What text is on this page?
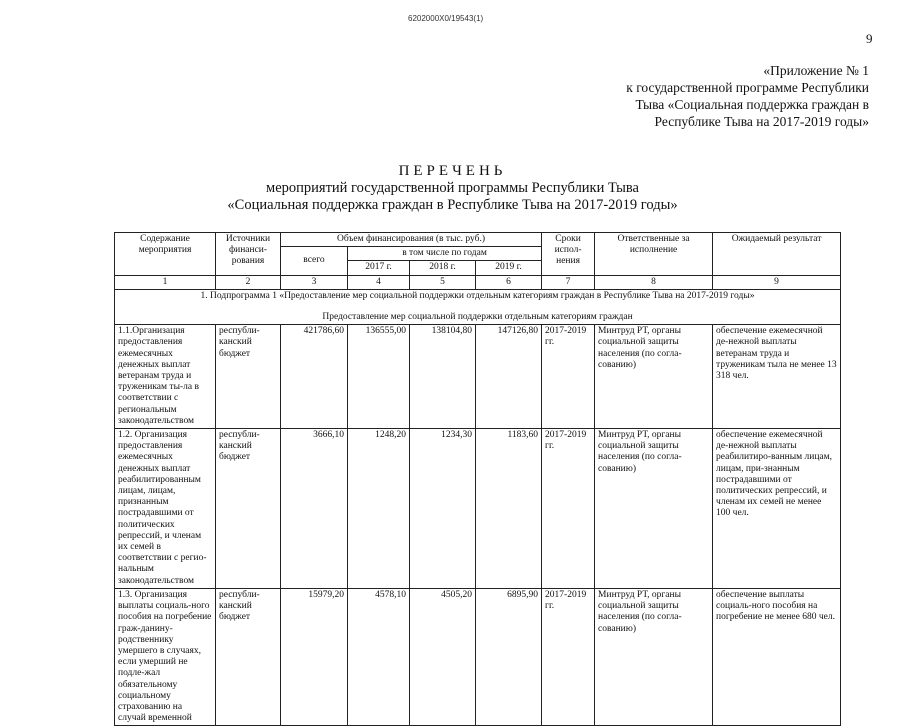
6202000Х0/19543(1)
9
«Приложение № 1
к государственной программе Республики
Тыва «Социальная поддержка граждан в
Республике Тыва на 2017-2019 годы»
ПЕРЕЧЕНЬ
мероприятий государственной программы Республики Тыва
«Социальная поддержка граждан в Республике Тыва на 2017-2019 годы»
Содержание мероприятия	Источники финанси-рования	Объем финансирования (в тыс. руб.)				Сроки испол-нения	Ответственные за исполнение	Ожидаемый результат
		всего	в том числе по годам					
			2017 г.	2018 г.	2019 г.			
1	2	3	4	5	6	7	8	9

1. Подпрограмма 1 «Предоставление мер социальной поддержки отдельным категориям граждан в Республике Тыва на 2017-2019 годы»
Предоставление мер социальной поддержки отдельным категориям граждан								

1.1.Организация предоставления ежемесячных денежных выплат ветеранам труда и труженикам ты-ла в соответствии с региональным законодательством	республи-канский бюджет	421786,60	136555,00	138104,80	147126,80	2017-2019 гг.	Минтруд РТ, органы социальной защиты населения (по согла-сованию)	обеспечение ежемесячной де-нежной выплаты ветеранам труда и труженикам тыла не менее 13 318 чел.
1.2. Организация предоставления ежемесячных денежных выплат реабилитированным лицам, лицам, признанным пострадавшими от политических репрессий, и членам их семей в соответствии с регио-нальным законодательством	республи-канский бюджет	3666,10	1248,20	1234,30	1183,60	2017-2019 гг.	Минтруд РТ, органы социальной защиты населения (по согла-сованию)	обеспечение ежемесячной де-нежной выплаты реабилитиро-ванным лицам, лицам, при-знанным пострадавшими от политических репрессий, и членам их семей не менее 100 чел.
1.3. Организация выплаты социаль-ного пособия на погребение граж-данину-родственнику умершего в случаях, если умерший не подле-жал обязательному социальному страхованию на случай временной	республи-канский бюджет	15979,20	4578,10	4505,20	6895,90	2017-2019 гг.	Минтруд РТ, органы социальной защиты населения (по согла-сованию)	обеспечение выплаты социаль-ного пособия на погребение не менее 680 чел.
